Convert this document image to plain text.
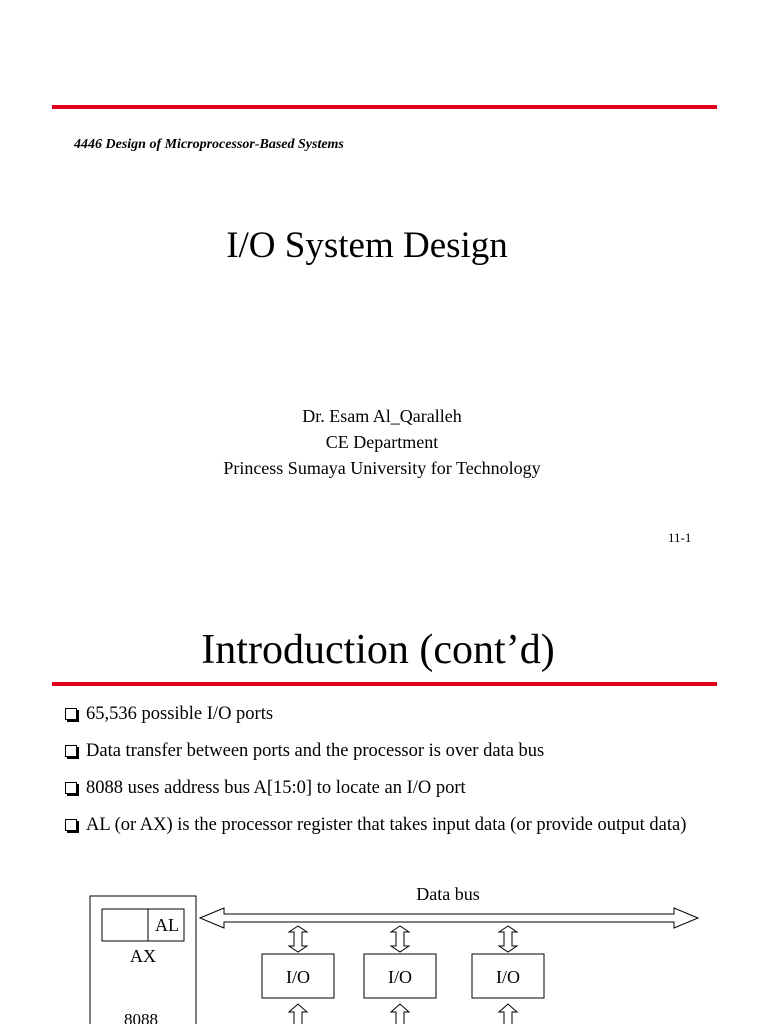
4446 Design of Microprocessor-Based Systems
I/O System Design
Dr. Esam Al_Qaralleh
CE Department
Princess Sumaya University for Technology
11-1
Introduction (cont’d)
65,536 possible I/O ports
Data transfer between ports and the processor is over data bus
8088 uses address bus A[15:0] to locate an I/O port
AL (or AX) is the processor register that takes input data (or provide output data)
AL
AX
8088
Data bus
I/O	I/O	I/O
